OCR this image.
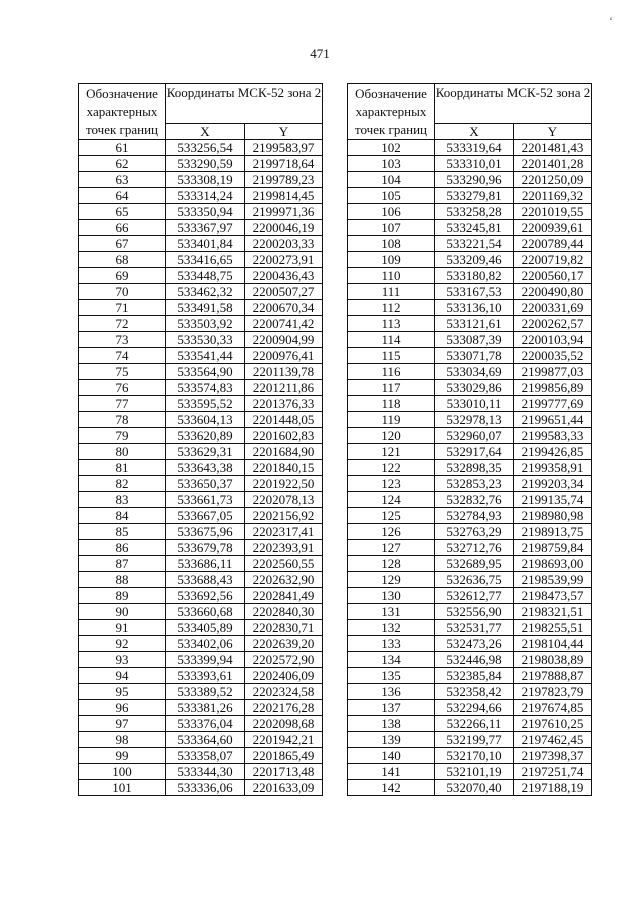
‘
471
Обозначение характерных точек границ	Координаты МСК-52 зона 2	
	X	Y
61	533256,54	2199583,97
62	533290,59	2199718,64
63	533308,19	2199789,23
64	533314,24	2199814,45
65	533350,94	2199971,36
66	533367,97	2200046,19
67	533401,84	2200203,33
68	533416,65	2200273,91
69	533448,75	2200436,43
70	533462,32	2200507,27
71	533491,58	2200670,34
72	533503,92	2200741,42
73	533530,33	2200904,99
74	533541,44	2200976,41
75	533564,90	2201139,78
76	533574,83	2201211,86
77	533595,52	2201376,33
78	533604,13	2201448,05
79	533620,89	2201602,83
80	533629,31	2201684,90
81	533643,38	2201840,15
82	533650,37	2201922,50
83	533661,73	2202078,13
84	533667,05	2202156,92
85	533675,96	2202317,41
86	533679,78	2202393,91
87	533686,11	2202560,55
88	533688,43	2202632,90
89	533692,56	2202841,49
90	533660,68	2202840,30
91	533405,89	2202830,71
92	533402,06	2202639,20
93	533399,94	2202572,90
94	533393,61	2202406,09
95	533389,52	2202324,58
96	533381,26	2202176,28
97	533376,04	2202098,68
98	533364,60	2201942,21
99	533358,07	2201865,49
100	533344,30	2201713,48
101	533336,06	2201633,09
Обозначение характерных точек границ	Координаты МСК-52 зона 2	
	X	Y
102	533319,64	2201481,43
103	533310,01	2201401,28
104	533290,96	2201250,09
105	533279,81	2201169,32
106	533258,28	2201019,55
107	533245,81	2200939,61
108	533221,54	2200789,44
109	533209,46	2200719,82
110	533180,82	2200560,17
111	533167,53	2200490,80
112	533136,10	2200331,69
113	533121,61	2200262,57
114	533087,39	2200103,94
115	533071,78	2200035,52
116	533034,69	2199877,03
117	533029,86	2199856,89
118	533010,11	2199777,69
119	532978,13	2199651,44
120	532960,07	2199583,33
121	532917,64	2199426,85
122	532898,35	2199358,91
123	532853,23	2199203,34
124	532832,76	2199135,74
125	532784,93	2198980,98
126	532763,29	2198913,75
127	532712,76	2198759,84
128	532689,95	2198693,00
129	532636,75	2198539,99
130	532612,77	2198473,57
131	532556,90	2198321,51
132	532531,77	2198255,51
133	532473,26	2198104,44
134	532446,98	2198038,89
135	532385,84	2197888,87
136	532358,42	2197823,79
137	532294,66	2197674,85
138	532266,11	2197610,25
139	532199,77	2197462,45
140	532170,10	2197398,37
141	532101,19	2197251,74
142	532070,40	2197188,19
